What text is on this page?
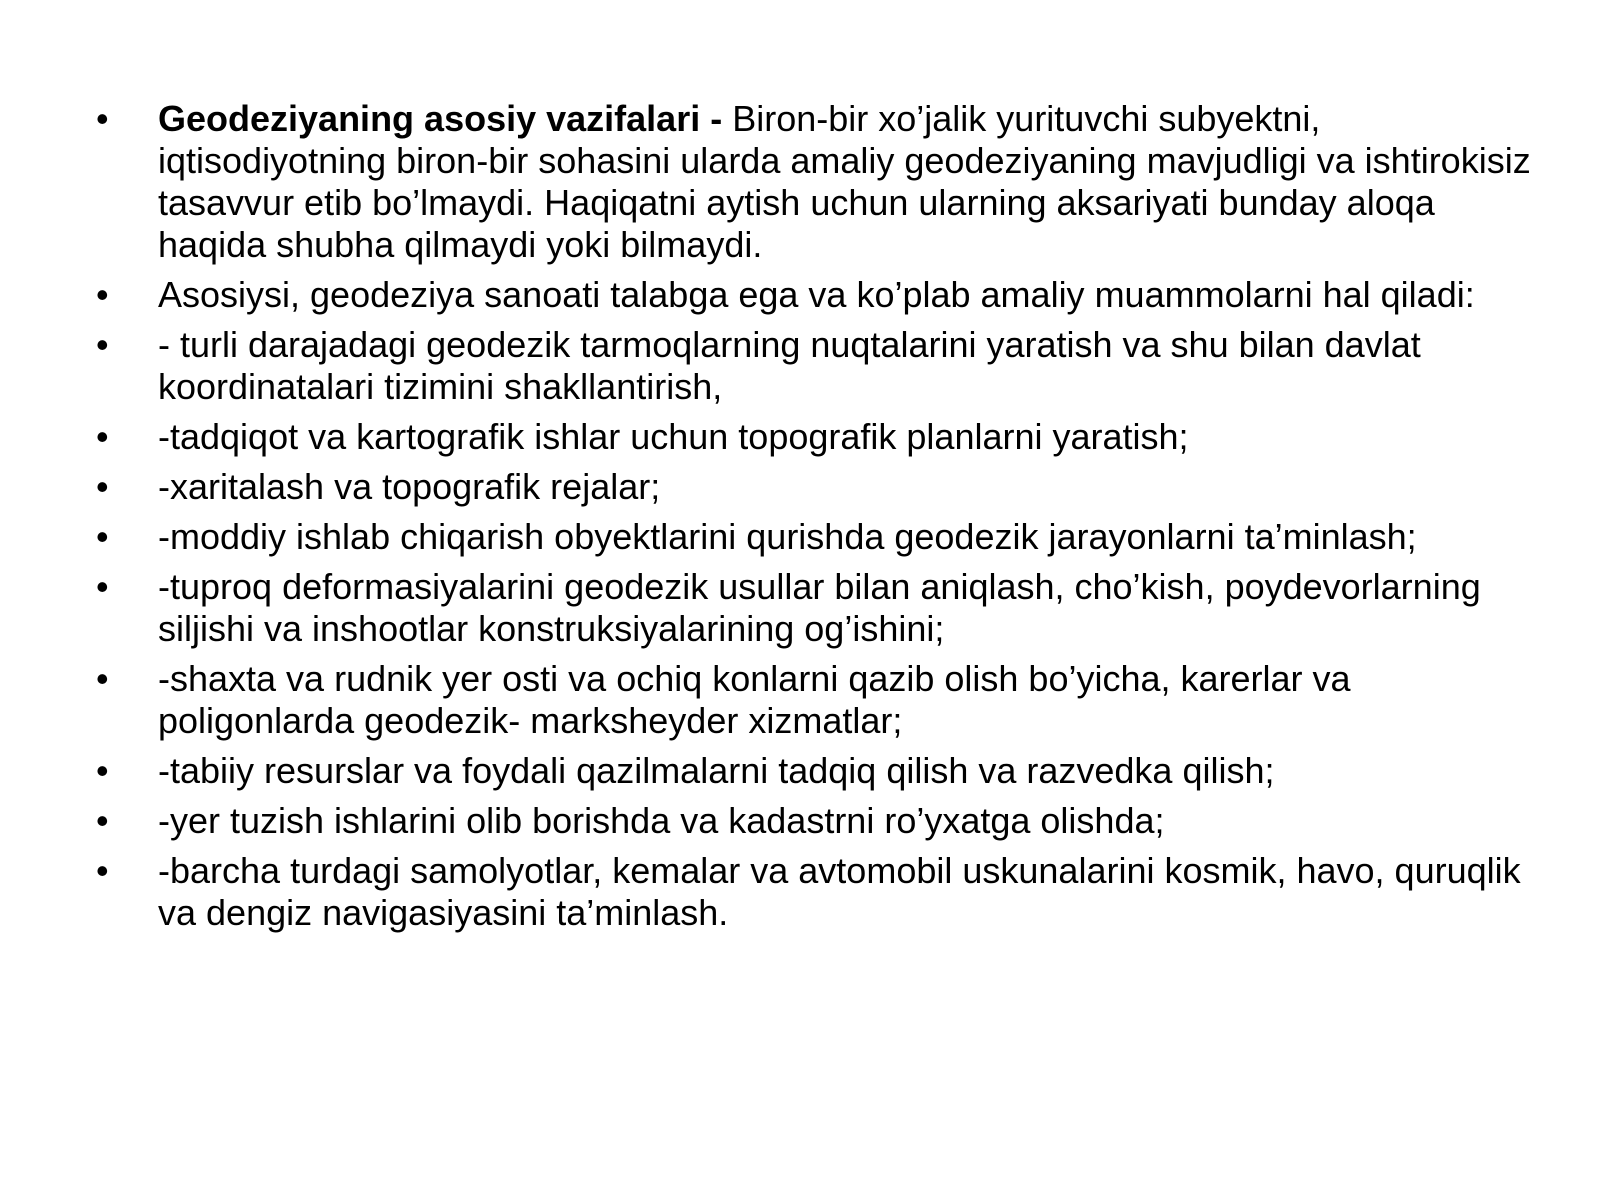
• Geodeziyaning asosiy vazifalari - Biron-bir xo’jalik yurituvchi subyektni, iqtisodiyotning biron-bir sohasini ularda amaliy geodeziyaning mavjudligi va ishtirokisiz tasavvur etib bo’lmaydi. Haqiqatni aytish uchun ularning aksariyati bunday aloqa haqida shubha qilmaydi yoki bilmaydi.
• Asosiysi, geodeziya sanoati talabga ega va ko’plab amaliy muammolarni hal qiladi:
• - turli darajadagi geodezik tarmoqlarning nuqtalarini yaratish va shu bilan davlat koordinatalari tizimini shakllantirish,
• -tadqiqot va kartografik ishlar uchun topografik planlarni yaratish;
• -xaritalash va topografik rejalar;
• -moddiy ishlab chiqarish obyektlarini qurishda geodezik jarayonlarni ta’minlash;
• -tuproq deformasiyalarini geodezik usullar bilan aniqlash, cho’kish, poydevorlarning siljishi va inshootlar konstruksiyalarining og’ishini;
• -shaxta va rudnik yer osti va ochiq konlarni qazib olish bo’yicha, karerlar va poligonlarda geodezik- marksheyder xizmatlar;
• -tabiiy resurslar va foydali qazilmalarni tadqiq qilish va razvedka qilish;
• -yer tuzish ishlarini olib borishda va kadastrni ro’yxatga olishda;
• -barcha turdagi samolyotlar, kemalar va avtomobil uskunalarini kosmik, havo, quruqlik va dengiz navigasiyasini ta’minlash.
